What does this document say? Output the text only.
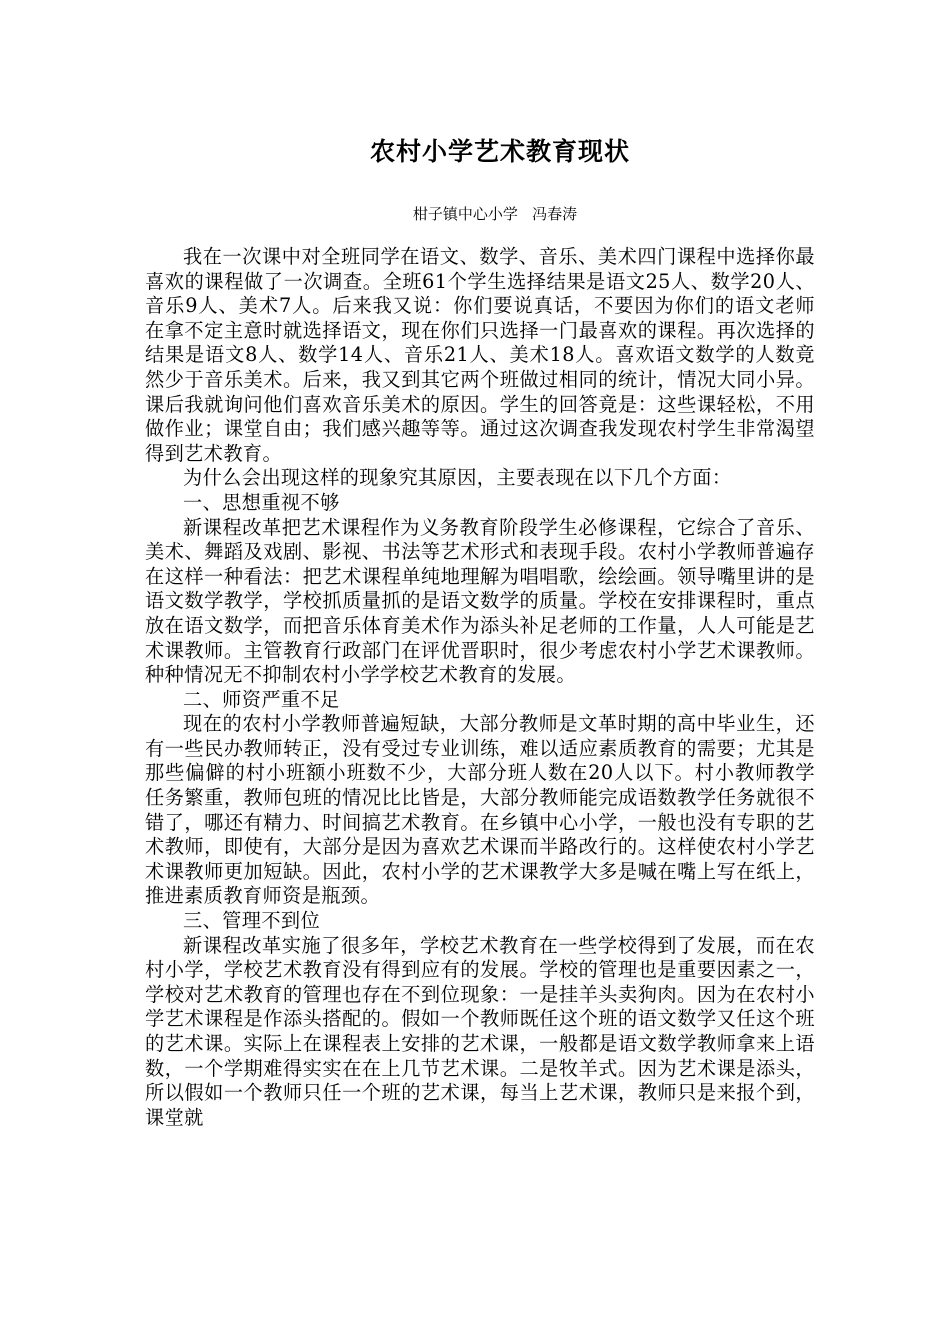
农村小学艺术教育现状
柑子镇中心小学   冯春涛

我在一次课中对全班同学在语文、数学、音乐、美术四门课程中选择你最喜欢的课程做了一次调查。全班61个学生选择结果是语文25人、数学20人、音乐9人、美术7人。后来我又说：你们要说真话，不要因为你们的语文老师在拿不定主意时就选择语文，现在你们只选择一门最喜欢的课程。再次选择的结果是语文8人、数学14人、音乐21人、美术18人。喜欢语文数学的人数竟然少于音乐美术。后来，我又到其它两个班做过相同的统计，情况大同小异。课后我就询问他们喜欢音乐美术的原因。学生的回答竟是：这些课轻松，不用做作业；课堂自由；我们感兴趣等等。通过这次调查我发现农村学生非常渴望得到艺术教育。

为什么会出现这样的现象究其原因，主要表现在以下几个方面：

一、思想重视不够

新课程改革把艺术课程作为义务教育阶段学生必修课程，它综合了音乐、美术、舞蹈及戏剧、影视、书法等艺术形式和表现手段。农村小学教师普遍存在这样一种看法：把艺术课程单纯地理解为唱唱歌，绘绘画。领导嘴里讲的是语文数学教学，学校抓质量抓的是语文数学的质量。学校在安排课程时，重点放在语文数学，而把音乐体育美术作为添头补足老师的工作量，人人可能是艺术课教师。主管教育行政部门在评优晋职时，很少考虑农村小学艺术课教师。种种情况无不抑制农村小学学校艺术教育的发展。

二、师资严重不足

现在的农村小学教师普遍短缺，大部分教师是文革时期的高中毕业生，还有一些民办教师转正，没有受过专业训练，难以适应素质教育的需要；尤其是那些偏僻的村小班额小班数不少，大部分班人数在20人以下。村小教师教学任务繁重，教师包班的情况比比皆是，大部分教师能完成语数教学任务就很不错了，哪还有精力、时间搞艺术教育。在乡镇中心小学，一般也没有专职的艺术教师，即使有，大部分是因为喜欢艺术课而半路改行的。这样使农村小学艺术课教师更加短缺。因此，农村小学的艺术课教学大多是喊在嘴上写在纸上，推进素质教育师资是瓶颈。

三、管理不到位

新课程改革实施了很多年，学校艺术教育在一些学校得到了发展，而在农村小学，学校艺术教育没有得到应有的发展。学校的管理也是重要因素之一，学校对艺术教育的管理也存在不到位现象：一是挂羊头卖狗肉。因为在农村小学艺术课程是作添头搭配的。假如一个教师既任这个班的语文数学又任这个班的艺术课。实际上在课程表上安排的艺术课，一般都是语文数学教师拿来上语数，一个学期难得实实在在上几节艺术课。二是牧羊式。因为艺术课是添头，所以假如一个教师只任一个班的艺术课，每当上艺术课，教师只是来报个到，课堂就
